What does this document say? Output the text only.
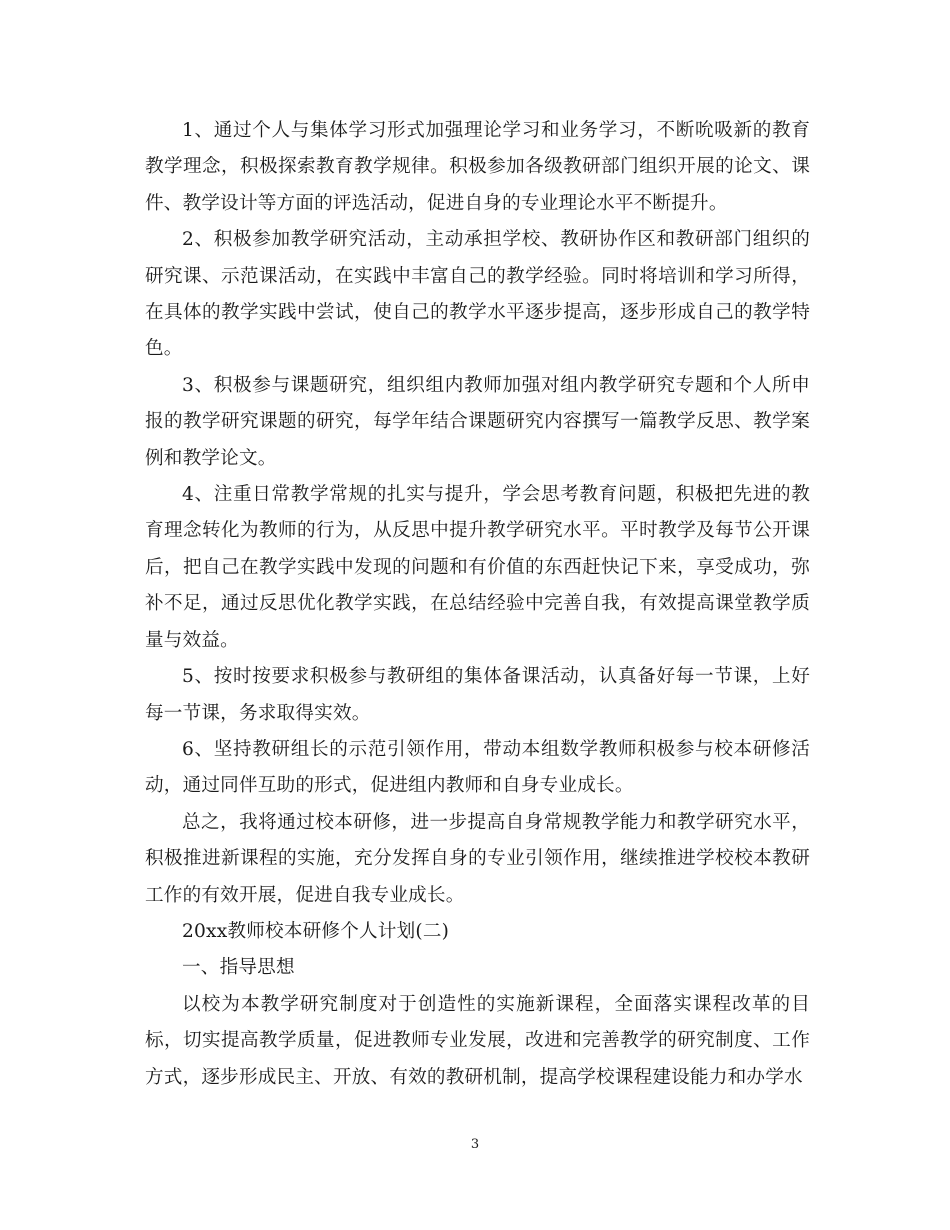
1、通过个人与集体学习形式加强理论学习和业务学习，不断吮吸新的教育教学理念，积极探索教育教学规律。积极参加各级教研部门组织开展的论文、课件、教学设计等方面的评选活动，促进自身的专业理论水平不断提升。

2、积极参加教学研究活动，主动承担学校、教研协作区和教研部门组织的研究课、示范课活动，在实践中丰富自己的教学经验。同时将培训和学习所得，在具体的教学实践中尝试，使自己的教学水平逐步提高，逐步形成自己的教学特色。

3、积极参与课题研究，组织组内教师加强对组内教学研究专题和个人所申报的教学研究课题的研究，每学年结合课题研究内容撰写一篇教学反思、教学案例和教学论文。

4、注重日常教学常规的扎实与提升，学会思考教育问题，积极把先进的教育理念转化为教师的行为，从反思中提升教学研究水平。平时教学及每节公开课后，把自己在教学实践中发现的问题和有价值的东西赶快记下来，享受成功，弥补不足，通过反思优化教学实践，在总结经验中完善自我，有效提高课堂教学质量与效益。

5、按时按要求积极参与教研组的集体备课活动，认真备好每一节课，上好每一节课，务求取得实效。

6、坚持教研组长的示范引领作用，带动本组数学教师积极参与校本研修活动，通过同伴互助的形式，促进组内教师和自身专业成长。

总之，我将通过校本研修，进一步提高自身常规教学能力和教学研究水平，积极推进新课程的实施，充分发挥自身的专业引领作用，继续推进学校校本教研工作的有效开展，促进自我专业成长。

20xx教师校本研修个人计划(二)

一、指导思想

以校为本教学研究制度对于创造性的实施新课程，全面落实课程改革的目标，切实提高教学质量，促进教师专业发展，改进和完善教学的研究制度、工作方式，逐步形成民主、开放、有效的教研机制，提高学校课程建设能力和办学水

3
